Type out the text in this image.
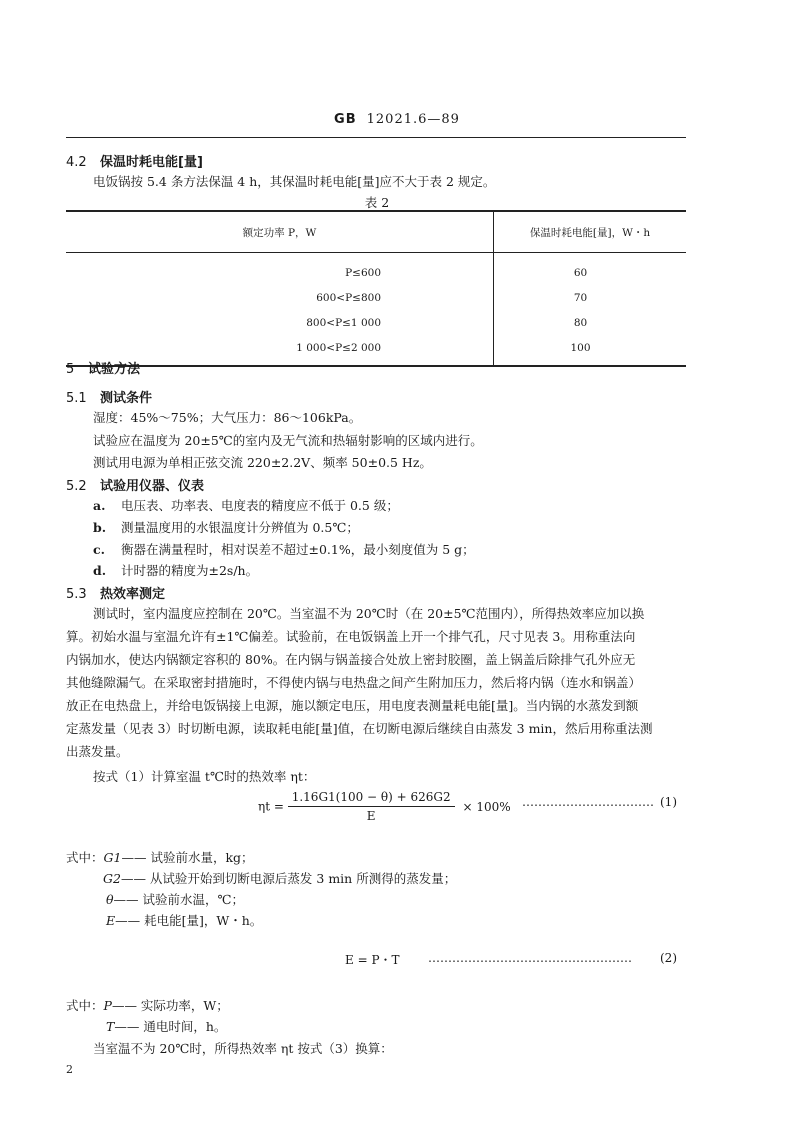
GB 12021.6—89
4.2 保温时耗电能[量]
电饭锅按 5.4 条方法保温 4 h，其保温时耗电能[量]应不大于表 2 规定。
表 2
额定功率 P，W	保温时耗电能[量]，W・h
P≤600	60
600<P≤800	70
800<P≤1 000	80
1 000<P≤2 000	100
5 试验方法
5.1 测试条件
湿度：45%～75%；大气压力：86～106kPa。
试验应在温度为 20±5℃的室内及无气流和热辐射影响的区域内进行。
测试用电源为单相正弦交流 220±2.2V、频率 50±0.5 Hz。
5.2 试验用仪器、仪表
a. 电压表、功率表、电度表的精度应不低于 0.5 级；
b. 测量温度用的水银温度计分辨值为 0.5℃；
c. 衡器在满量程时，相对误差不超过±0.1%，最小刻度值为 5 g；
d. 计时器的精度为±2s/h。
5.3 热效率测定
测试时，室内温度应控制在 20℃。当室温不为 20℃时（在 20±5℃范围内），所得热效率应加以换
算。初始水温与室温允许有±1℃偏差。试验前，在电饭锅盖上开一个排气孔，尺寸见表 3。用称重法向
内锅加水，使达内锅额定容积的 80%。在内锅与锅盖接合处放上密封胶圈，盖上锅盖后除排气孔外应无
其他缝隙漏气。在采取密封措施时，不得使内锅与电热盘之间产生附加压力，然后将内锅（连水和锅盖）
放正在电热盘上，并给电饭锅接上电源，施以额定电压，用电度表测量耗电能[量]。当内锅的水蒸发到额
定蒸发量（见表 3）时切断电源，读取耗电能[量]值，在切断电源后继续自由蒸发 3 min，然后用称重法测
出蒸发量。
按式（1）计算室温 t℃时的热效率 ηt：
$\eta t = \frac{1.16G1(100 - \theta) + 626G2}{E} \times 100\%$ …………………………… (1)
式中：G1—— 试验前水量，kg；
G2—— 从试验开始到切断电源后蒸发 3 min 所测得的蒸发量；
θ—— 试验前水温，℃；
E—— 耗电能[量]，W・h。
E = P・T …………………………………………… (2)
式中：P—— 实际功率，W；
T—— 通电时间，h。
当室温不为 20℃时，所得热效率 ηt 按式（3）换算：
2
